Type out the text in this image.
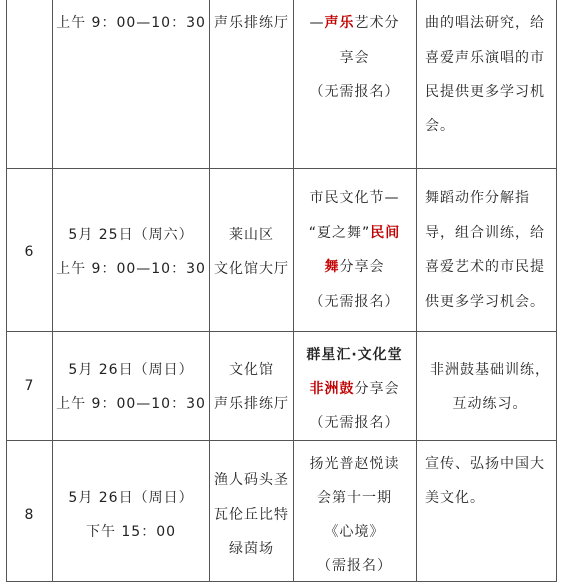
上午 9：00—10：30 声乐排练厅	—声乐艺术分
享会
（无需报名）
曲的唱法研究，给
喜爱声乐演唱的市
民提供更多学习机
会。
6
5月 25日（周六）
上午 9：00—10：30
莱山区
文化馆大厅
市民文化节—
“夏之舞”民间
舞分享会
（无需报名）
舞蹈动作分解指
导，组合训练，给
喜爱艺术的市民提
供更多学习机会。
7
5月 26日（周日）
上午 9：00—10：30
文化馆
声乐排练厅
群星汇·文化堂
非洲鼓分享会
（无需报名）
非洲鼓基础训练，
互动练习。
8
5月 26日（周日）
下午 15：00
渔人码头圣
瓦伦丘比特
绿茵场
扬光普赵悦读
会第十一期
《心境》
（需报名）
宣传、弘扬中国大
美文化。
